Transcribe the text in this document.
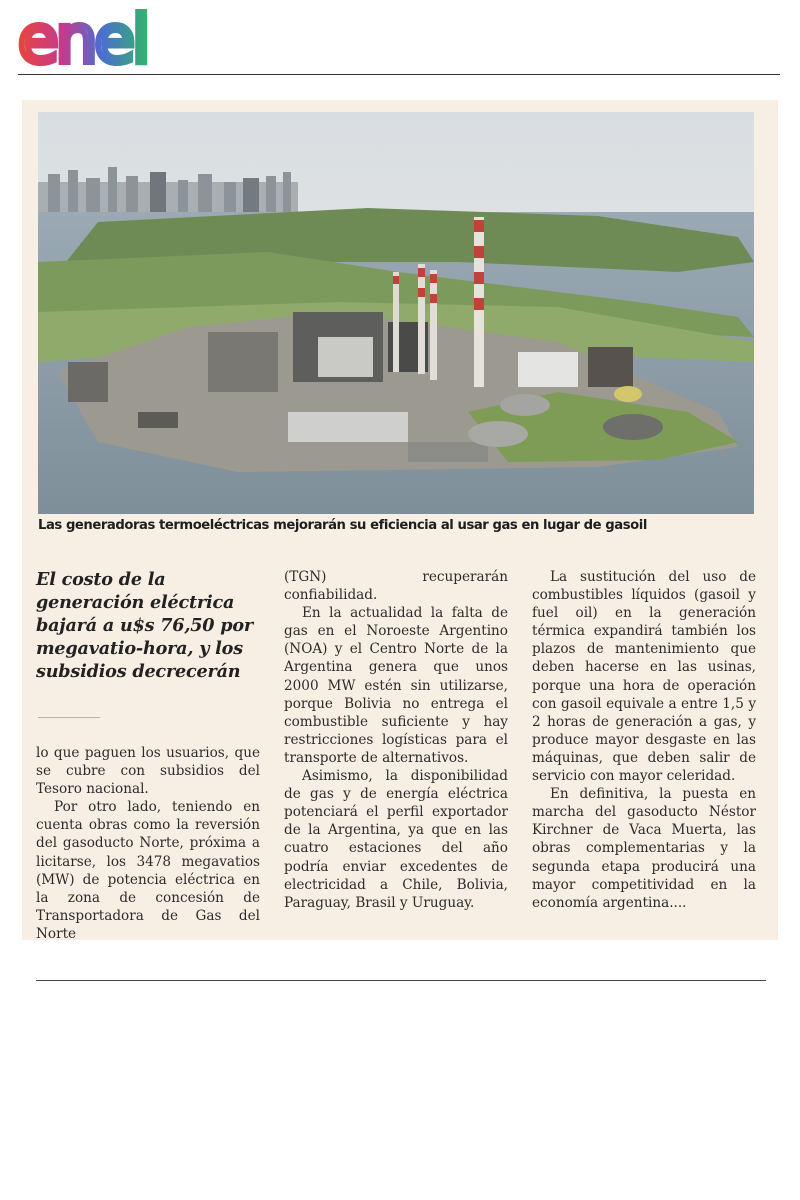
enel
Las generadoras termoeléctricas mejorarán su eficiencia al usar gas en lugar de gasoil
El costo de la generación eléctrica bajará a u$s 76,50 por megavatio-hora, y los subsidios decrecerán

lo que paguen los usuarios, que se cubre con subsidios del Tesoro nacional.

Por otro lado, teniendo en cuenta obras como la reversión del gasoducto Norte, próxima a licitarse, los 3478 megavatios (MW) de potencia eléctrica en la zona de concesión de Transportadora de Gas del Norte

(TGN) recuperarán confiabilidad.

En la actualidad la falta de gas en el Noroeste Argentino (NOA) y el Centro Norte de la Argentina genera que unos 2000 MW estén sin utilizarse, porque Bolivia no entrega el combustible suficiente y hay restricciones logísticas para el transporte de alternativos.

Asimismo, la disponibilidad de gas y de energía eléctrica potenciará el perfil exportador de la Argentina, ya que en las cuatro estaciones del año podría enviar excedentes de electricidad a Chile, Bolivia, Paraguay, Brasil y Uruguay.

La sustitución del uso de combustibles líquidos (gasoil y fuel oil) en la generación térmica expandirá también los plazos de mantenimiento que deben hacerse en las usinas, porque una hora de operación con gasoil equivale a entre 1,5 y 2 horas de generación a gas, y produce mayor desgaste en las máquinas, que deben salir de servicio con mayor celeridad.

En definitiva, la puesta en marcha del gasoducto Néstor Kirchner de Vaca Muerta, las obras complementarias y la segunda etapa producirá una mayor competitividad en la economía argentina....
